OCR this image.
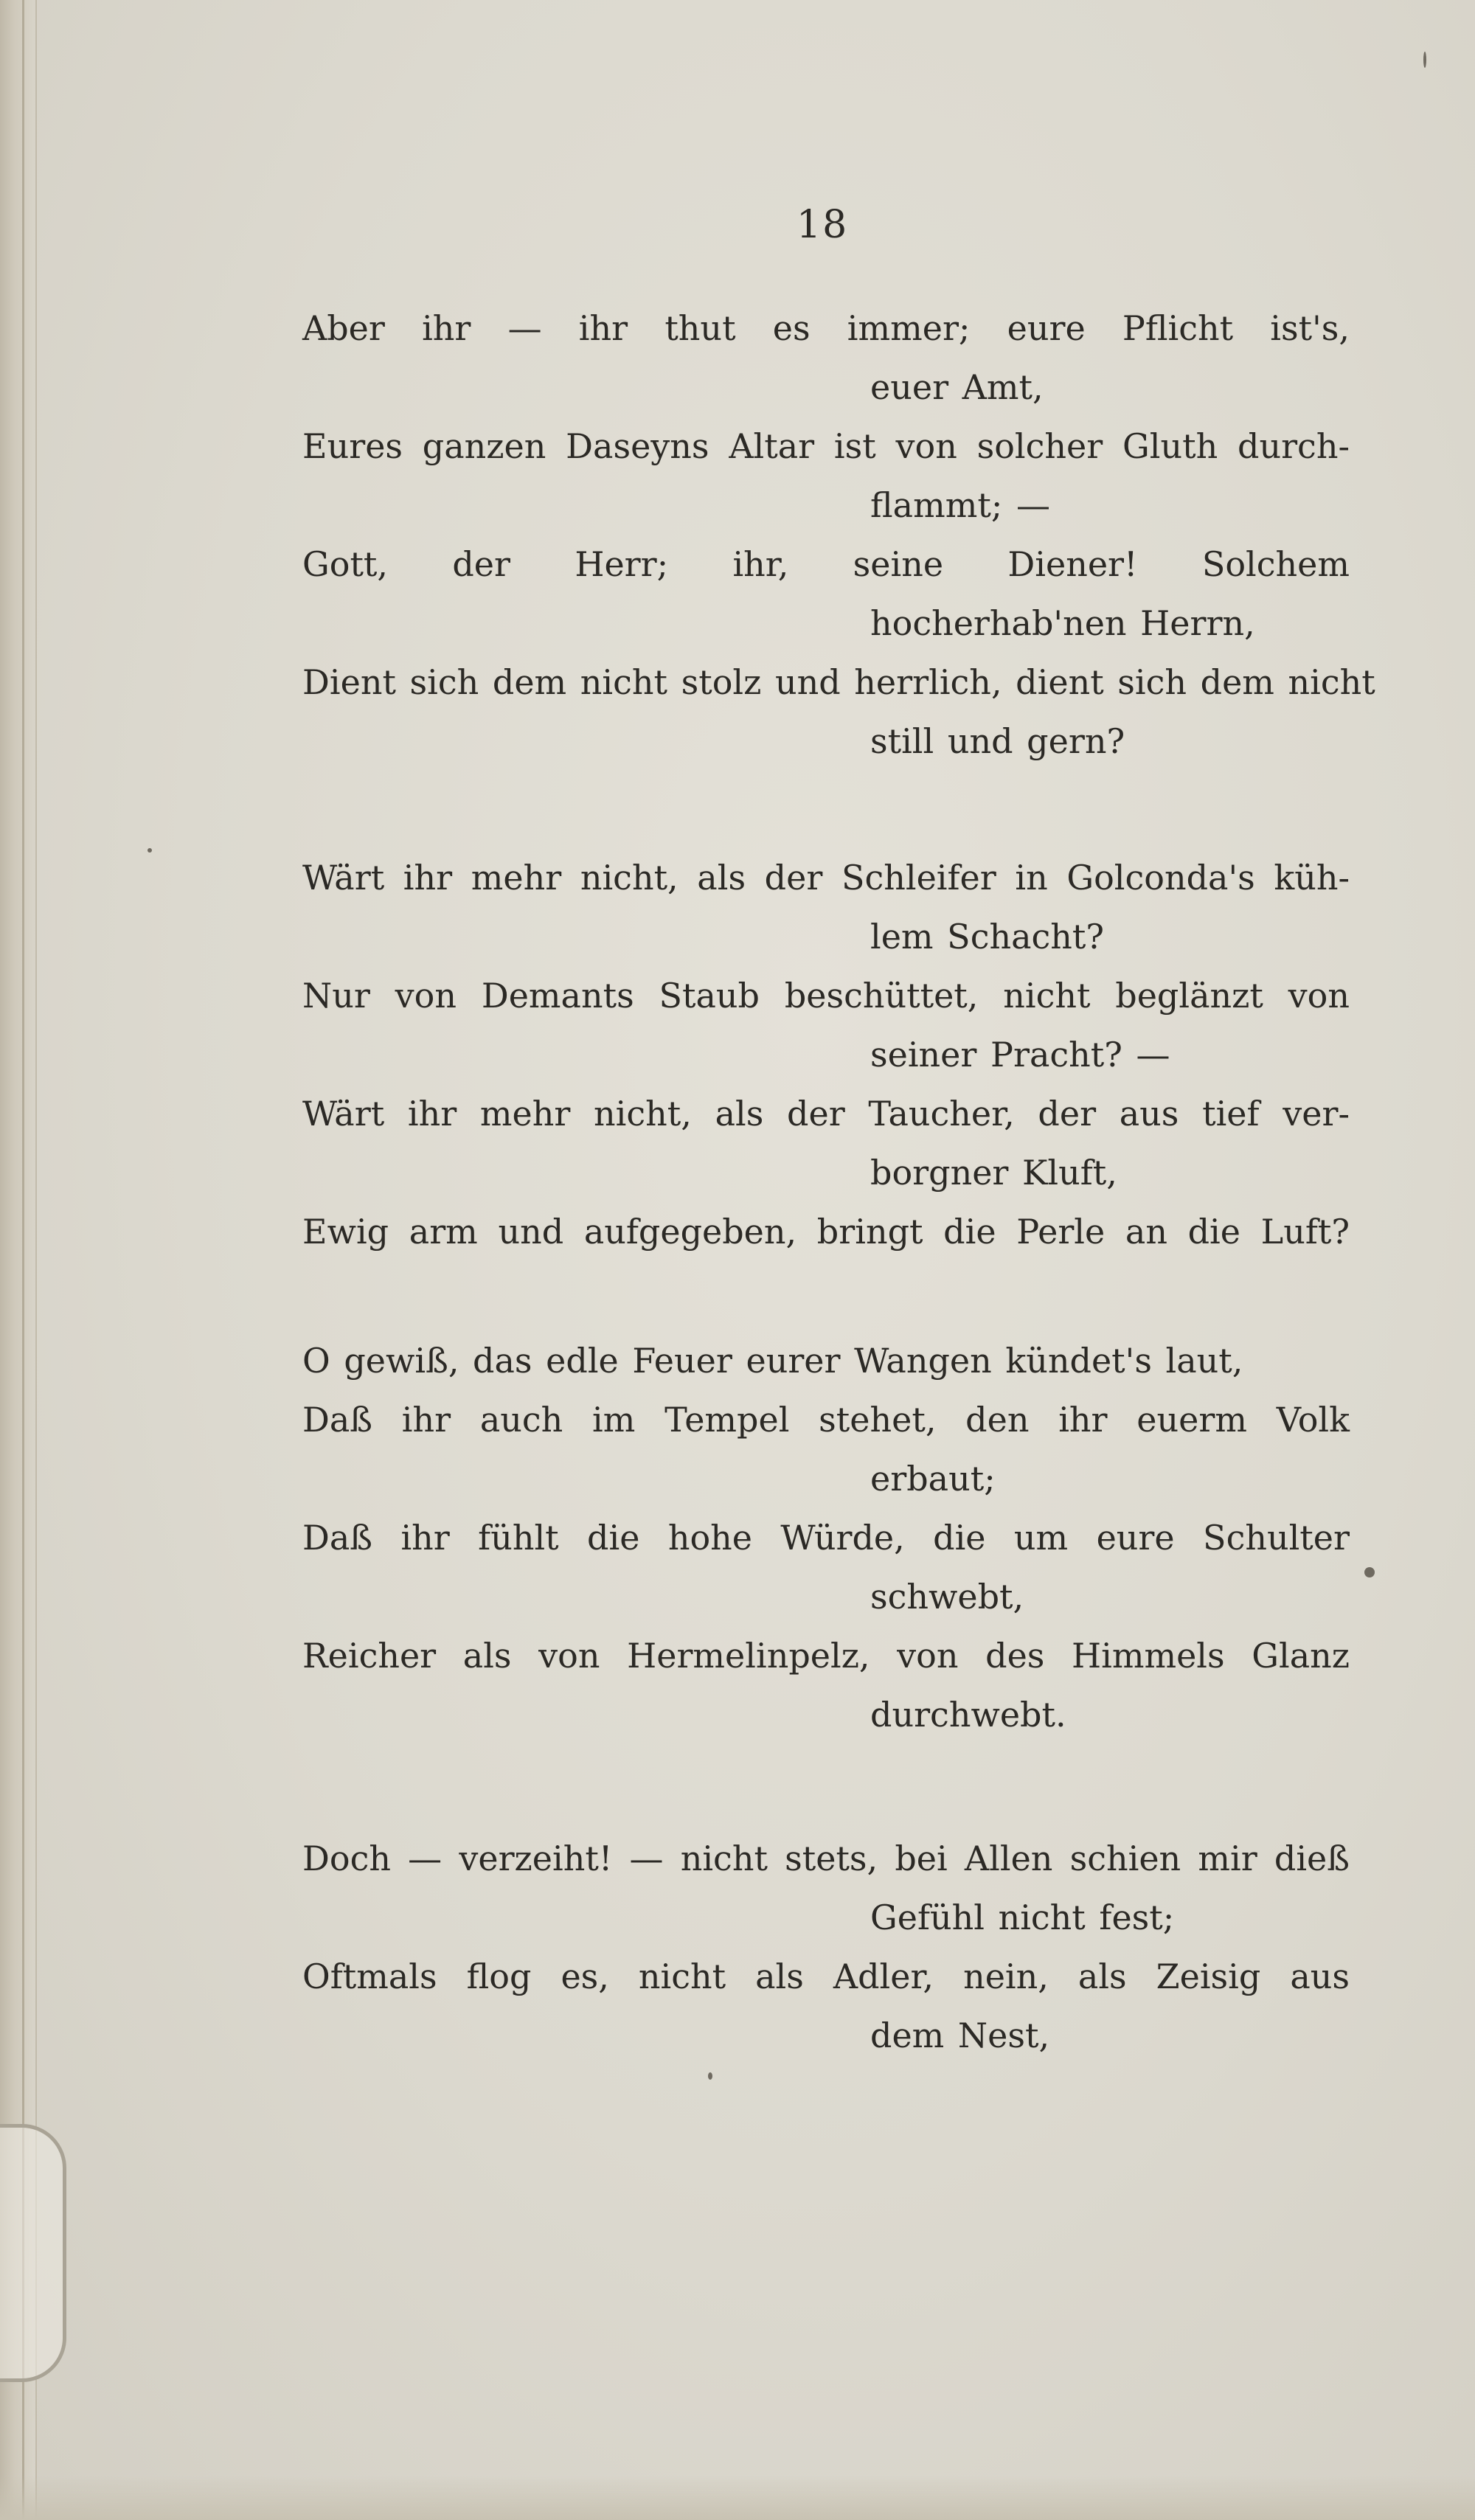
18
Aber ihr — ihr thut es immer; eure Pflicht ist's,
euer Amt,
Eures ganzen Daseyns Altar ist von solcher Gluth durch-
flammt; —
Gott, der Herr; ihr, seine Diener! Solchem
hocherhab'nen Herrn,
Dient sich dem nicht stolz und herrlich, dient sich dem nicht
still und gern?
Wärt ihr mehr nicht, als der Schleifer in Golconda's küh-
lem Schacht?
Nur von Demants Staub beschüttet, nicht beglänzt von
seiner Pracht? —
Wärt ihr mehr nicht, als der Taucher, der aus tief ver-
borgner Kluft,
Ewig arm und aufgegeben, bringt die Perle an die Luft?
O gewiß, das edle Feuer eurer Wangen kündet's laut,
Daß ihr auch im Tempel stehet, den ihr euerm Volk
erbaut;
Daß ihr fühlt die hohe Würde, die um eure Schulter
schwebt,
Reicher als von Hermelinpelz, von des Himmels Glanz
durchwebt.
Doch — verzeiht! — nicht stets, bei Allen schien mir dieß
Gefühl nicht fest;
Oftmals flog es, nicht als Adler, nein, als Zeisig aus
dem Nest,
